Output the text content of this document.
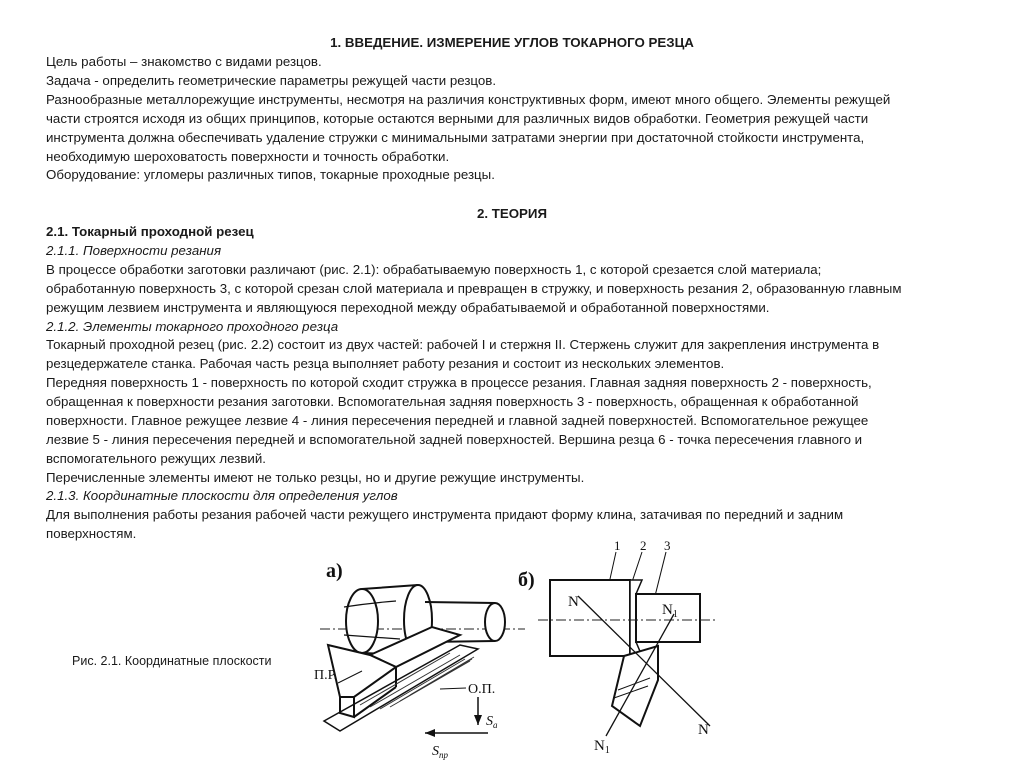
1. ВВЕДЕНИЕ. ИЗМЕРЕНИЕ УГЛОВ ТОКАРНОГО РЕЗЦА
Цель работы – знакомство с видами резцов.
Задача - определить геометрические параметры режущей части резцов.
Разнообразные металлорежущие инструменты, несмотря на различия конструктивных форм, имеют много общего. Элементы режущей
части строятся исходя из общих принципов, которые остаются верными для различных видов обработки. Геометрия режущей части
инструмента должна обеспечивать удаление стружки с минимальными затратами энергии при достаточной стойкости инструмента,
необходимую шероховатость поверхности и точность обработки.
Оборудование: угломеры различных типов, токарные проходные резцы.
2. ТЕОРИЯ
2.1. Токарный проходной резец
2.1.1. Поверхности резания
В процессе обработки заготовки различают (рис. 2.1): обрабатываемую поверхность 1, с которой срезается слой материала;
обработанную поверхность 3, с которой срезан слой материала и превращен в стружку, и поверхность резания 2, образованную главным
режущим лезвием инструмента и являющуюся переходной между обрабатываемой и обработанной поверхностями.
2.1.2. Элементы токарного проходного резца
Токарный проходной резец (рис. 2.2) состоит из двух частей: рабочей I и стержня II. Стержень служит для закрепления инструмента в
резцедержателе станка. Рабочая часть резца выполняет работу резания и состоит из нескольких элементов.
Передняя поверхность 1 - поверхность по которой сходит стружка в процессе резания. Главная задняя поверхность 2 - поверхность,
обращенная к поверхности резания заготовки. Вспомогательная задняя поверхность 3 - поверхность, обращенная к обработанной
поверхности. Главное режущее лезвие 4 - линия пересечения передней и главной задней поверхностей. Вспомогательное режущее
лезвие 5 - линия пересечения передней и вспомогательной задней поверхностей. Вершина резца 6 - точка пересечения главного и
вспомогательного режущих лезвий.
Перечисленные элементы имеют не только резцы, но и другие режущие инструменты.
2.1.3. Координатные плоскости для определения углов
Для выполнения работы резания рабочей части режущего инструмента придают форму клина, затачивая по передний и задним
поверхностям.
Рис. 2.1. Координатные плоскости
а)
П.Р.
О.П.
$S_a$
$S_{пр}$
б)
1 2 3
N	$N_1$
N
$N_1$
